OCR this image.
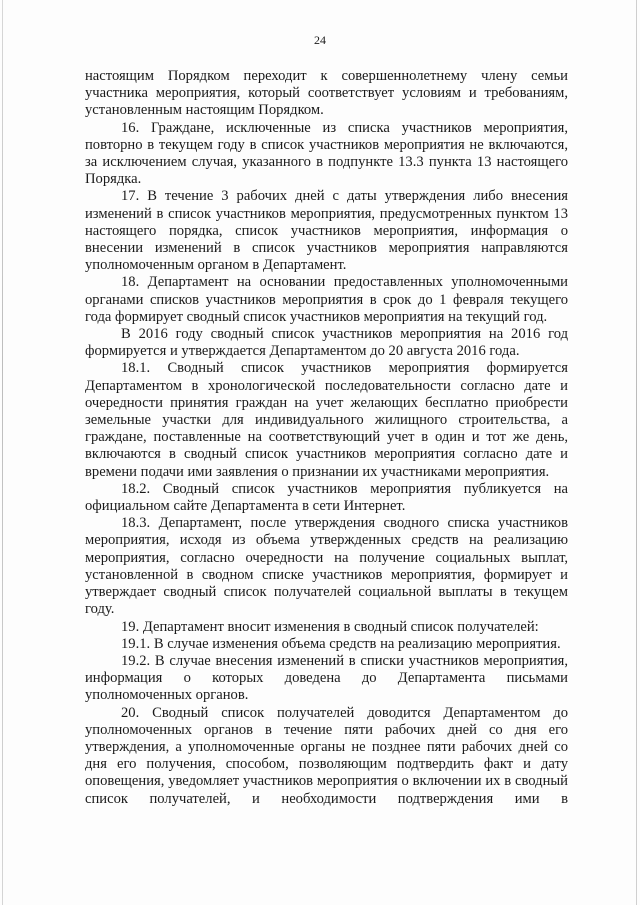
24

настоящим Порядком переходит к совершеннолетнему члену семьи участника мероприятия, который соответствует условиям и требованиям, установленным настоящим Порядком.

16. Граждане, исключенные из списка участников мероприятия, повторно в текущем году в список участников мероприятия не включаются, за исключением случая, указанного в подпункте 13.3 пункта 13 настоящего Порядка.

17. В течение 3 рабочих дней с даты утверждения либо внесения изменений в список участников мероприятия, предусмотренных пунктом 13 настоящего порядка, список участников мероприятия, информация о внесении изменений в список участников мероприятия направляются уполномоченным органом в Департамент.

18. Департамент на основании предоставленных уполномоченными органами списков участников мероприятия в срок до 1 февраля текущего года формирует сводный список участников мероприятия на текущий год.

В 2016 году сводный список участников мероприятия на 2016 год формируется и утверждается Департаментом до 20 августа 2016 года.

18.1. Сводный список участников мероприятия формируется Департаментом в хронологической последовательности согласно дате и очередности принятия граждан на учет желающих бесплатно приобрести земельные участки для индивидуального жилищного строительства, а граждане, поставленные на соответствующий учет в один и тот же день, включаются в сводный список участников мероприятия согласно дате и времени подачи ими заявления о признании их участниками мероприятия.

18.2. Сводный список участников мероприятия публикуется на официальном сайте Департамента в сети Интернет.

18.3. Департамент, после утверждения сводного списка участников мероприятия, исходя из объема утвержденных средств на реализацию мероприятия, согласно очередности на получение социальных выплат, установленной в сводном списке участников мероприятия, формирует и утверждает сводный список получателей социальной выплаты в текущем году.

19. Департамент вносит изменения в сводный список получателей:

19.1. В случае изменения объема средств на реализацию мероприятия.

19.2. В случае внесения изменений в списки участников мероприятия, информация о которых доведена до Департамента письмами уполномоченных органов.

20. Сводный список получателей доводится Департаментом до уполномоченных органов в течение пяти рабочих дней со дня его утверждения, а уполномоченные органы не позднее пяти рабочих дней со дня его получения, способом, позволяющим подтвердить факт и дату оповещения, уведомляет участников мероприятия о включении их в сводный список получателей, и необходимости подтверждения ими в
